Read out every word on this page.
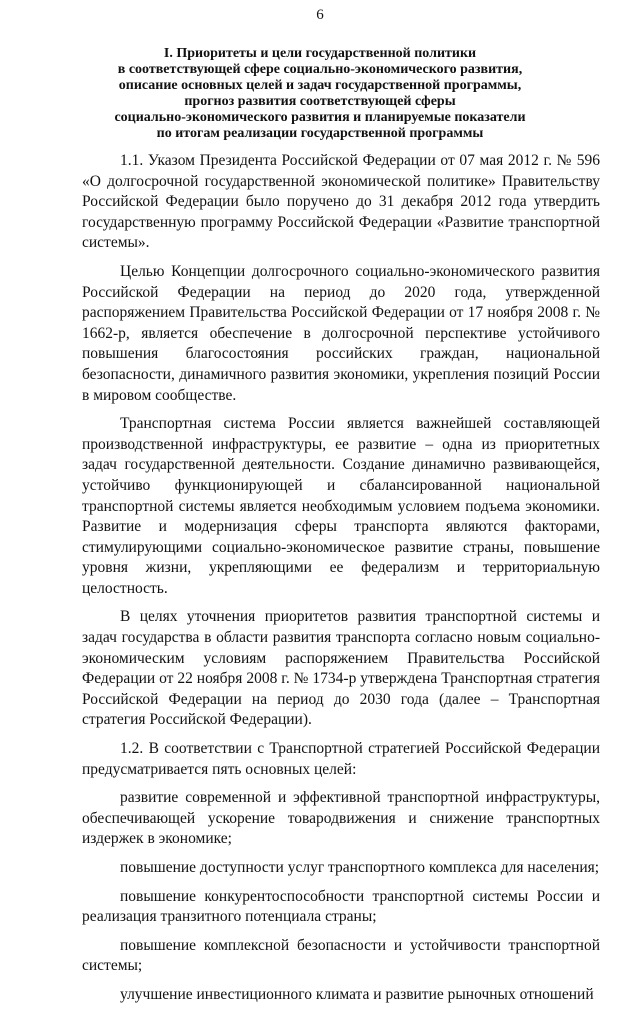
6
I. Приоритеты и цели государственной политики
в соответствующей сфере социально-экономического развития,
описание основных целей и задач государственной программы,
прогноз развития соответствующей сферы
социально-экономического развития и планируемые показатели
по итогам реализации государственной программы

1.1. Указом Президента Российской Федерации от 07 мая 2012 г. № 596 «О долгосрочной государственной экономической политике» Правительству Российской Федерации было поручено до 31 декабря 2012 года утвердить государственную программу Российской Федерации «Развитие транспортной системы».

Целью Концепции долгосрочного социально-экономического развития Российской Федерации на период до 2020 года, утвержденной распоряжением Правительства Российской Федерации от 17 ноября 2008 г. № 1662-р, является обеспечение в долгосрочной перспективе устойчивого повышения благосостояния российских граждан, национальной безопасности, динамичного развития экономики, укрепления позиций России в мировом сообществе.

Транспортная система России является важнейшей составляющей производственной инфраструктуры, ее развитие – одна из приоритетных задач государственной деятельности. Создание динамично развивающейся, устойчиво функционирующей и сбалансированной национальной транспортной системы является необходимым условием подъема экономики. Развитие и модернизация сферы транспорта являются факторами, стимулирующими социально-экономическое развитие страны, повышение уровня жизни, укрепляющими ее федерализм и территориальную целостность.

В целях уточнения приоритетов развития транспортной системы и задач государства в области развития транспорта согласно новым социально-экономическим условиям распоряжением Правительства Российской Федерации от 22 ноября 2008 г. № 1734-р утверждена Транспортная стратегия Российской Федерации на период до 2030 года (далее – Транспортная стратегия Российской Федерации).

1.2. В соответствии с Транспортной стратегией Российской Федерации предусматривается пять основных целей:

развитие современной и эффективной транспортной инфраструктуры, обеспечивающей ускорение товародвижения и снижение транспортных издержек в экономике;

повышение доступности услуг транспортного комплекса для населения;

повышение конкурентоспособности транспортной системы России и реализация транзитного потенциала страны;

повышение комплексной безопасности и устойчивости транспортной системы;

улучшение инвестиционного климата и развитие рыночных отношений
